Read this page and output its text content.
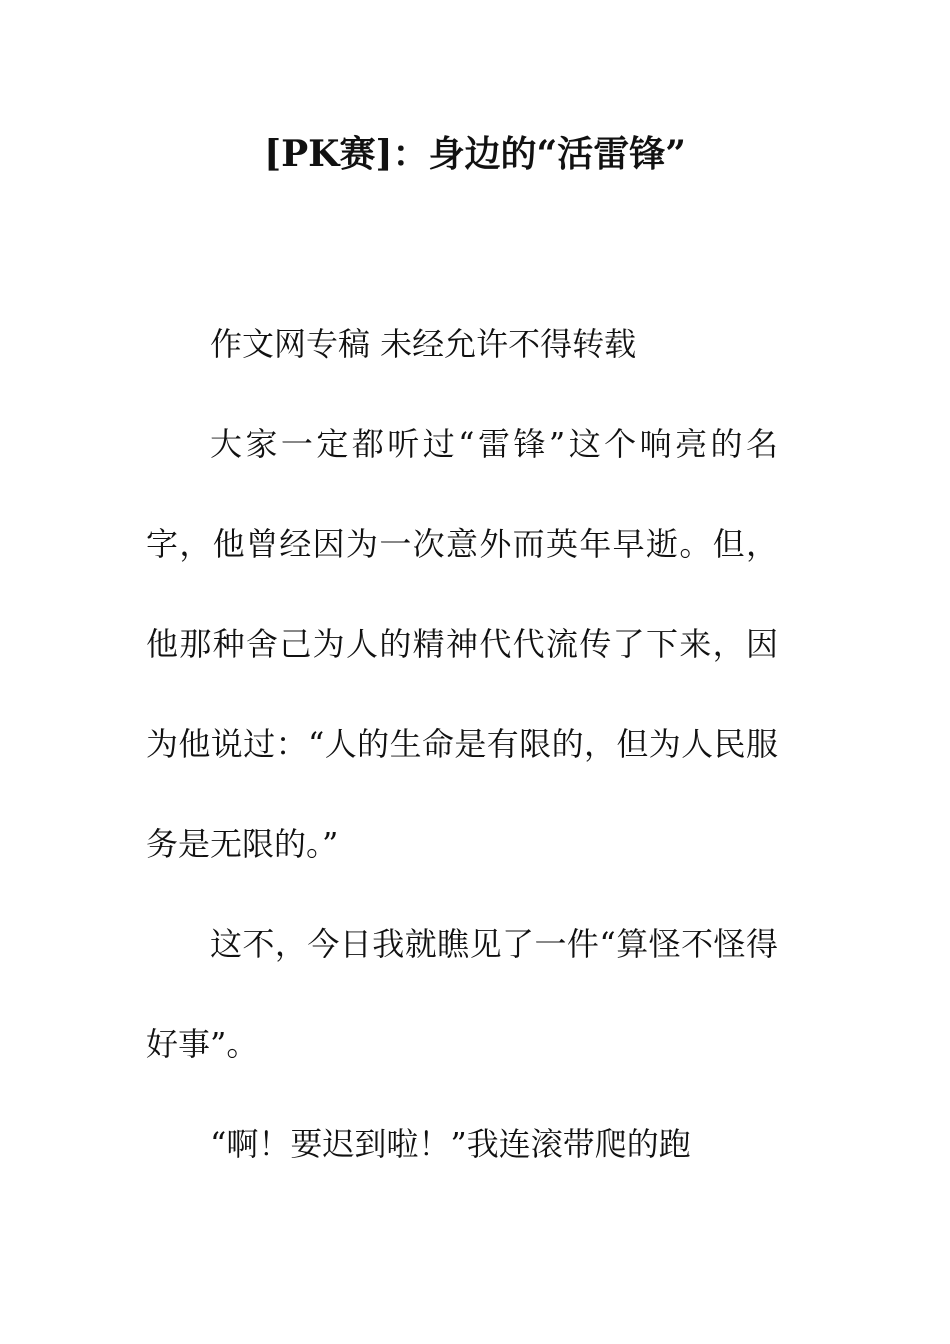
[PK赛]：身边的“活雷锋”

作文网专稿 未经允许不得转载

大家一定都听过“雷锋”这个响亮的名字，他曾经因为一次意外而英年早逝。但，他那种舍己为人的精神代代流传了下来，因为他说过：“人的生命是有限的，但为人民服务是无限的。”

这不，今日我就瞧见了一件“算怪不怪得好事”。

“啊！要迟到啦！”我连滚带爬的跑
